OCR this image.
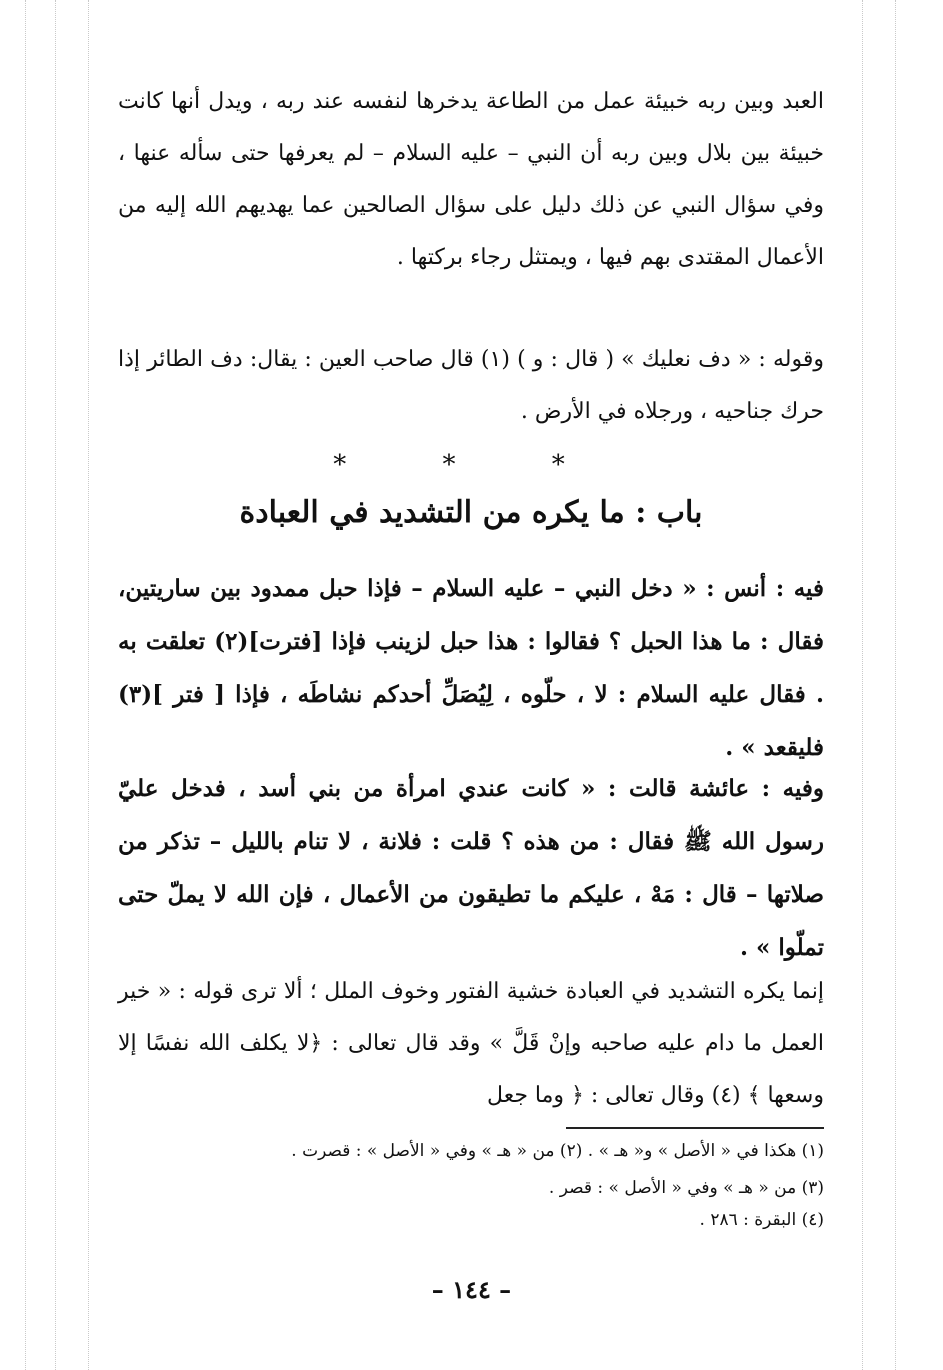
العبد وبين ربه خبيئة عمل من الطاعة يدخرها لنفسه عند ربه ، ويدل أنها كانت خبيئة بين بلال وبين ربه أن النبي – عليه السلام – لم يعرفها حتى سأله عنها ، وفي سؤال النبي عن ذلك دليل على سؤال الصالحين عما يهديهم الله إليه من الأعمال المقتدى بهم فيها ، ويمتثل رجاء بركتها .

وقوله : « دف نعليك » ( قال : و ) (١) قال صاحب العين : يقال: دف الطائر إذا حرك جناحيه ، ورجلاه في الأرض .

* * *
باب : ما يكره من التشديد في العبادة

فيه : أنس : « دخل النبي – عليه السلام – فإذا حبل ممدود بين ساريتين، فقال : ما هذا الحبل ؟ فقالوا : هذا حبل لزينب فإذا [فترت](٢) تعلقت به . فقال عليه السلام : لا ، حلّوه ، لِيُصَلِّ أحدكم نشاطَه ، فإذا [ فتر ](٣) فليقعد » .

وفيه : عائشة قالت : « كانت عندي امرأة من بني أسد ، فدخل عليّ رسول الله ﷺ فقال : من هذه ؟ قلت : فلانة ، لا تنام بالليل – تذكر من صلاتها – قال : مَهْ ، عليكم ما تطيقون من الأعمال ، فإن الله لا يملّ حتى تملّوا » .

إنما يكره التشديد في العبادة خشية الفتور وخوف الملل ؛ ألا ترى قوله : « خير العمل ما دام عليه صاحبه وإنْ قَلَّ » وقد قال تعالى : ﴿لا يكلف الله نفسًا إلا وسعها ﴾ (٤) وقال تعالى : ﴿ وما جعل

(١) هكذا في « الأصل » و« هـ » . (٢) من « هـ » وفي « الأصل » : قصرت .
(٣) من « هـ » وفي « الأصل » : قصر .
(٤) البقرة : ٢٨٦ .
– ١٤٤ –
